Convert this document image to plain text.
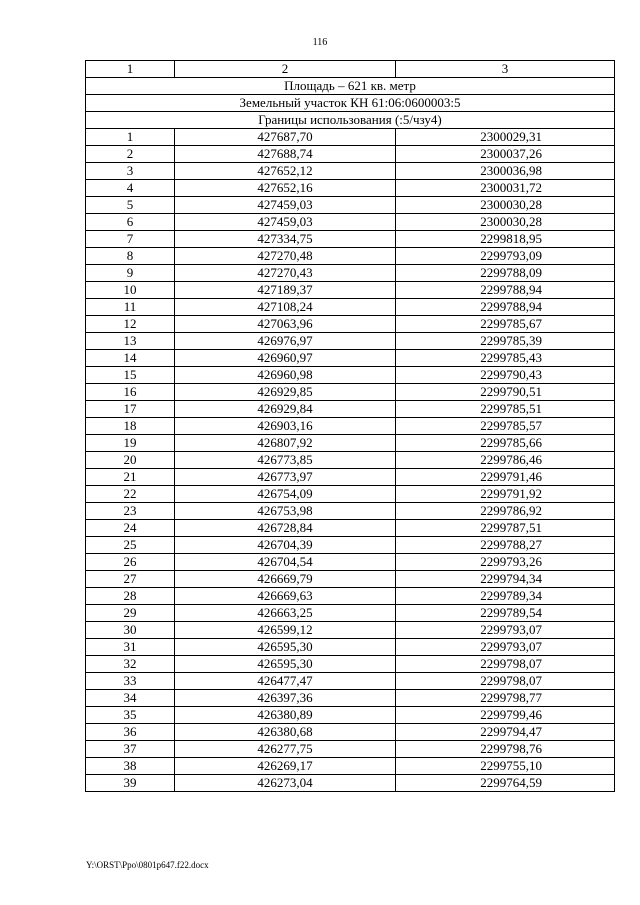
116
1	2	3
Площадь – 621 кв. метр		
Земельный участок КН 61:06:0600003:5		
Границы использования (:5/чзу4)		
1	427687,70	2300029,31
2	427688,74	2300037,26
3	427652,12	2300036,98
4	427652,16	2300031,72
5	427459,03	2300030,28
6	427459,03	2300030,28
7	427334,75	2299818,95
8	427270,48	2299793,09
9	427270,43	2299788,09
10	427189,37	2299788,94
11	427108,24	2299788,94
12	427063,96	2299785,67
13	426976,97	2299785,39
14	426960,97	2299785,43
15	426960,98	2299790,43
16	426929,85	2299790,51
17	426929,84	2299785,51
18	426903,16	2299785,57
19	426807,92	2299785,66
20	426773,85	2299786,46
21	426773,97	2299791,46
22	426754,09	2299791,92
23	426753,98	2299786,92
24	426728,84	2299787,51
25	426704,39	2299788,27
26	426704,54	2299793,26
27	426669,79	2299794,34
28	426669,63	2299789,34
29	426663,25	2299789,54
30	426599,12	2299793,07
31	426595,30	2299793,07
32	426595,30	2299798,07
33	426477,47	2299798,07
34	426397,36	2299798,77
35	426380,89	2299799,46
36	426380,68	2299794,47
37	426277,75	2299798,76
38	426269,17	2299755,10
39	426273,04	2299764,59
Y:\ORST\Ppo\0801p647.f22.docx
